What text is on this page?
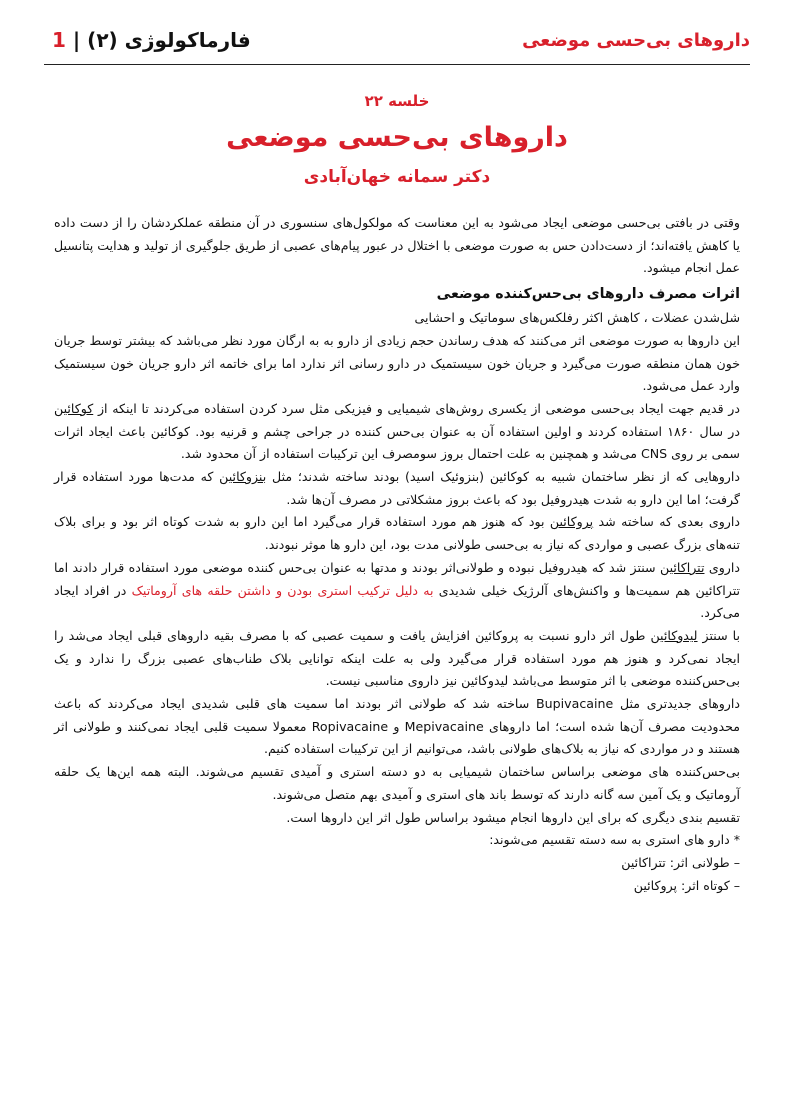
1 | فارماکولوژی (۲)	داروهای بی‌حسی موضعی
خلسه ۲۲
داروهای بی‌حسی موضعی
دکتر سمانه خهان‌آبادی

وقتی در بافتی بی‌حسی موضعی ایجاد می‌شود به این معناست که مولکول‌های سنسوری در آن منطقه عملکردشان را از دست داده یا کاهش یافته‌اند؛ از دست‌دادن حس به صورت موضعی با اختلال در عبور پیام‌های عصبی از طریق جلوگیری از تولید و هدایت پتانسیل عمل انجام میشود.

اثرات مصرف داروهای بی‌حس‌کننده موضعی

شل‌شدن عضلات ، کاهش اکثر رفلکس‌های سوماتیک و احشایی

این داروها به صورت موضعی اثر می‌کنند که هدف رساندن حجم زیادی از دارو به به ارگان مورد نظر می‌باشد که بیشتر توسط جریان خون همان منطقه صورت می‌گیرد و جریان خون سیستمیک در دارو رسانی اثر ندارد اما برای خاتمه اثر دارو جریان خون سیستمیک وارد عمل می‌شود.

در قدیم جهت ایجاد بی‌حسی موضعی از یکسری روش‌های شیمیایی و فیزیکی مثل سرد کردن استفاده می‌کردند تا اینکه از کوکائین در سال ۱۸۶۰ استفاده کردند و اولین استفاده آن به عنوان بی‌حس کننده در جراحی چشم و قرنیه بود. کوکائین باعث ایجاد اثرات سمی بر روی CNS می‌شد و همچنین به علت احتمال بروز سومصرف این ترکیبات استفاده از آن محدود شد.

داروهایی که از نظر ساختمان شبیه به کوکائین (بنزوئیک اسید) بودند ساخته شدند؛ مثل بنزوکائین که مدت‌ها مورد استفاده قرار گرفت؛ اما این دارو به شدت هیدروفیل بود که باعث بروز مشکلاتی در مصرف آن‌ها شد.

داروی بعدی که ساخته شد پروکائین بود که هنوز هم مورد استفاده قرار می‌گیرد اما این دارو به شدت کوتاه اثر بود و برای بلاک تنه‌های بزرگ عصبی و مواردی که نیاز به بی‌حسی طولانی مدت بود، این دارو ها موثر نبودند.

داروی تتراکائین سنتز شد که هیدروفیل نبوده و طولانی‌اثر بودند و مدتها به عنوان بی‌حس کننده موضعی مورد استفاده قرار دادند اما تتراکائین هم سمیت‌ها و واکنش‌های آلرژیک خیلی شدیدی به دلیل ترکیب استری بودن و داشتن حلقه های آروماتیک در افراد ایجاد می‌کرد.

با سنتز لیدوکائین طول اثر دارو نسبت به پروکائین افزایش یافت و سمیت عصبی که با مصرف بقیه داروهای قبلی ایجاد می‌شد را ایجاد نمی‌کرد و هنوز هم مورد استفاده قرار می‌گیرد ولی به علت اینکه توانایی بلاک طناب‌های عصبی بزرگ را ندارد و یک بی‌حس‌کننده موضعی با اثر متوسط می‌باشد لیدوکائین نیز داروی مناسبی نیست.

داروهای جدیدتری مثل Bupivacaine ساخته شد که طولانی اثر بودند اما سمیت های قلبی شدیدی ایجاد می‌کردند که باعث محدودیت مصرف آن‌ها شده است؛ اما داروهای Mepivacaine و Ropivacaine معمولا سمیت قلبی ایجاد نمی‌کنند و طولانی اثر هستند و در مواردی که نیاز به بلاک‌های طولانی باشد، می‌توانیم از این ترکیبات استفاده کنیم.

بی‌حس‌کننده های موضعی براساس ساختمان شیمیایی به دو دسته استری و آمیدی تقسیم می‌شوند. البته همه این‌ها یک حلقه آروماتیک و یک آمین سه گانه دارند که توسط باند های استری و آمیدی بهم متصل می‌شوند.

تقسیم بندی دیگری که برای این داروها انجام میشود براساس طول اثر این داروها است.

* دارو های استری به سه دسته تقسیم می‌شوند:

– طولانی اثر: تتراکائین

– کوتاه اثر: پروکائین
